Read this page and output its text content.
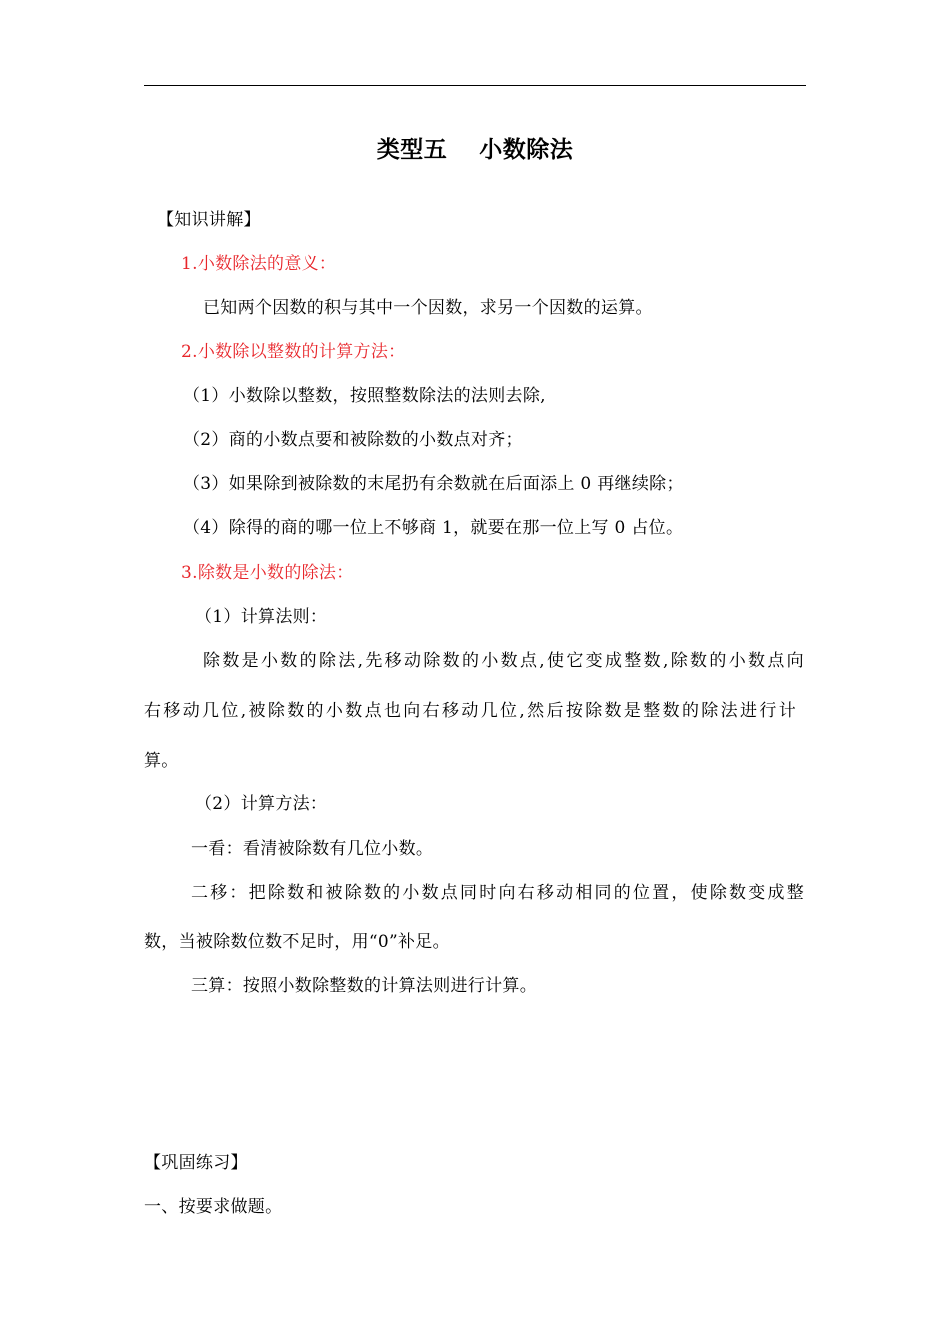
类型五　 小数除法
【知识讲解】
1.小数除法的意义：
已知两个因数的积与其中一个因数，求另一个因数的运算。
2.小数除以整数的计算方法：
（1）小数除以整数，按照整数除法的法则去除,
（2）商的小数点要和被除数的小数点对齐；
（3）如果除到被除数的末尾扔有余数就在后面添上 0 再继续除；
（4）除得的商的哪一位上不够商 1，就要在那一位上写 0 占位。
3.除数是小数的除法：
（1）计算法则：
除数是小数的除法,先移动除数的小数点,使它变成整数,除数的小数点向
右移动几位,被除数的小数点也向右移动几位,然后按除数是整数的除法进行计
算。
（2）计算方法：
一看：看清被除数有几位小数。
二移：把除数和被除数的小数点同时向右移动相同的位置，使除数变成整
数，当被除数位数不足时，用“0”补足。
三算：按照小数除整数的计算法则进行计算。
【巩固练习】
一、按要求做题。
